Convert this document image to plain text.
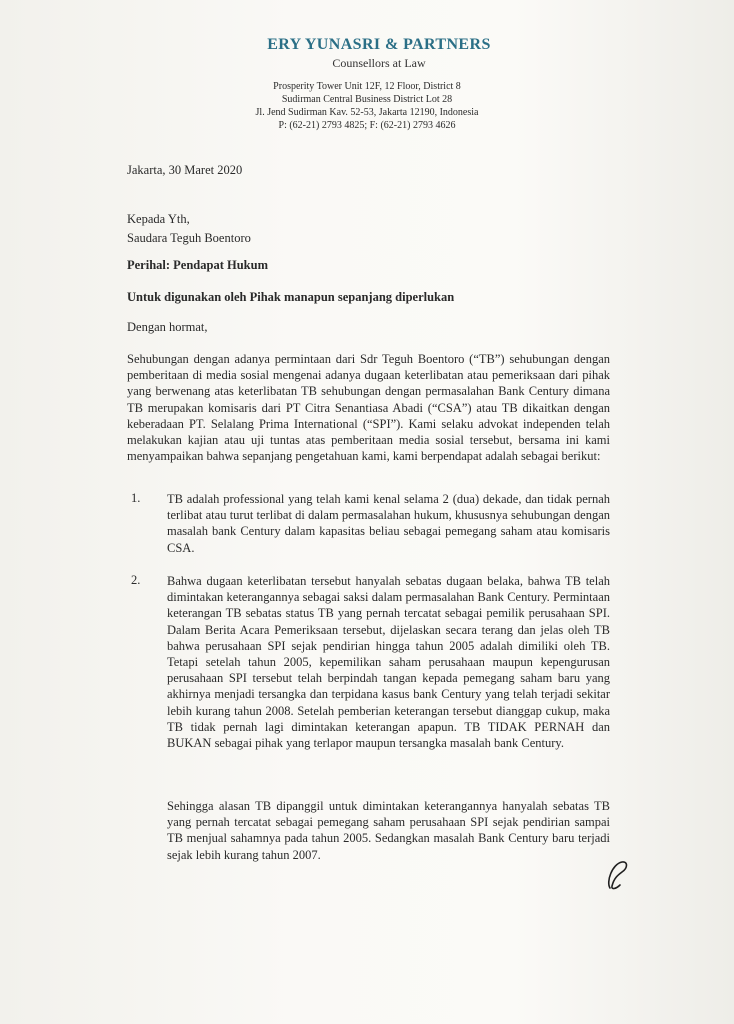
ERY YUNASRI & PARTNERS
Counsellors at Law
Prosperity Tower Unit 12F, 12 Floor, District 8
Sudirman Central Business District Lot 28
Jl. Jend Sudirman Kav. 52-53, Jakarta 12190, Indonesia
P: (62-21) 2793 4825; F: (62-21) 2793 4626
Jakarta, 30 Maret 2020
Kepada Yth,
Saudara Teguh Boentoro
Perihal: Pendapat Hukum
Untuk digunakan oleh Pihak manapun sepanjang diperlukan
Dengan hormat,
Sehubungan dengan adanya permintaan dari Sdr Teguh Boentoro (“TB”) sehubungan dengan pemberitaan di media sosial mengenai adanya dugaan keterlibatan atau pemeriksaan dari pihak yang berwenang atas keterlibatan TB sehubungan dengan permasalahan Bank Century dimana TB merupakan komisaris dari PT Citra Senantiasa Abadi (“CSA”) atau TB dikaitkan dengan keberadaan PT. Selalang Prima International (“SPI”). Kami selaku advokat independen telah melakukan kajian atau uji tuntas atas pemberitaan media sosial tersebut, bersama ini kami menyampaikan bahwa sepanjang pengetahuan kami, kami berpendapat adalah sebagai berikut:
1. TB adalah professional yang telah kami kenal selama 2 (dua) dekade, dan tidak pernah terlibat atau turut terlibat di dalam permasalahan hukum, khususnya sehubungan dengan masalah bank Century dalam kapasitas beliau sebagai pemegang saham atau komisaris CSA.
2. Bahwa dugaan keterlibatan tersebut hanyalah sebatas dugaan belaka, bahwa TB telah dimintakan keterangannya sebagai saksi dalam permasalahan Bank Century. Permintaan keterangan TB sebatas status TB yang pernah tercatat sebagai pemilik perusahaan SPI. Dalam Berita Acara Pemeriksaan tersebut, dijelaskan secara terang dan jelas oleh TB bahwa perusahaan SPI sejak pendirian hingga tahun 2005 adalah dimiliki oleh TB. Tetapi setelah tahun 2005, kepemilikan saham perusahaan maupun kepengurusan perusahaan SPI tersebut telah berpindah tangan kepada pemegang saham baru yang akhirnya menjadi tersangka dan terpidana kasus bank Century yang telah terjadi sekitar lebih kurang tahun 2008. Setelah pemberian keterangan tersebut dianggap cukup, maka TB tidak pernah lagi dimintakan keterangan apapun. TB TIDAK PERNAH dan BUKAN sebagai pihak yang terlapor maupun tersangka masalah bank Century.
Sehingga alasan TB dipanggil untuk dimintakan keterangannya hanyalah sebatas TB yang pernah tercatat sebagai pemegang saham perusahaan SPI sejak pendirian sampai TB menjual sahamnya pada tahun 2005. Sedangkan masalah Bank Century baru terjadi sejak lebih kurang tahun 2007.
